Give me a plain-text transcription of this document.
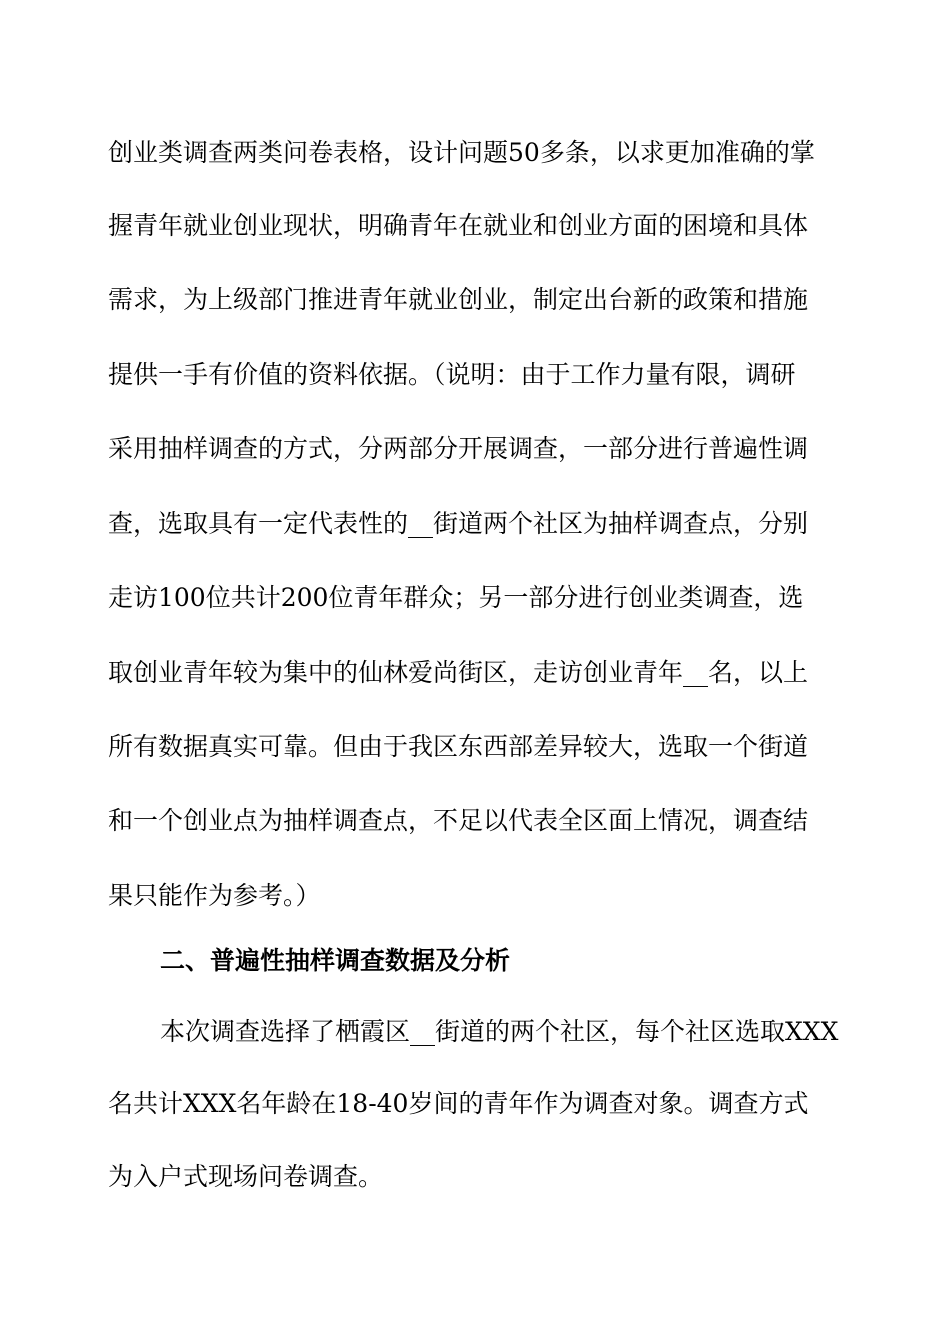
创业类调查两类问卷表格，设计问题50多条，以求更加准确的掌
握青年就业创业现状，明确青年在就业和创业方面的困境和具体
需求，为上级部门推进青年就业创业，制定出台新的政策和措施
提供一手有价值的资料依据。（说明：由于工作力量有限，调研
采用抽样调查的方式，分两部分开展调查，一部分进行普遍性调
查，选取具有一定代表性的__街道两个社区为抽样调查点，分别
走访100位共计200位青年群众；另一部分进行创业类调查，选
取创业青年较为集中的仙林爱尚街区，走访创业青年__名，以上
所有数据真实可靠。但由于我区东西部差异较大，选取一个街道
和一个创业点为抽样调查点，不足以代表全区面上情况，调查结
果只能作为参考。）
二、普遍性抽样调查数据及分析
本次调查选择了栖霞区__街道的两个社区，每个社区选取XXX
名共计XXX名年龄在18-40岁间的青年作为调查对象。调查方式
为入户式现场问卷调查。
